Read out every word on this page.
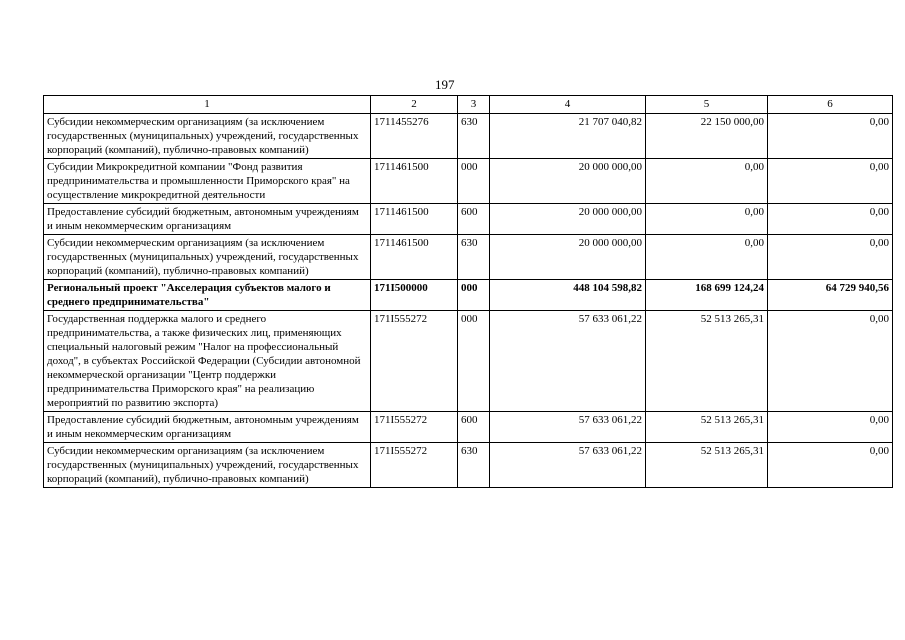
197
1	2	3	4	5	6
Субсидии некоммерческим организациям (за исключением государственных (муниципальных) учреждений, государственных корпораций (компаний), публично-правовых компаний)	1711455276	630	21 707 040,82	22 150 000,00	0,00
Субсидии Микрокредитной компании "Фонд развития предпринимательства и промышленности Приморского края" на осуществление микрокредитной деятельности	1711461500	000	20 000 000,00	0,00	0,00
Предоставление субсидий бюджетным, автономным учреждениям и иным некоммерческим организациям	1711461500	600	20 000 000,00	0,00	0,00
Субсидии некоммерческим организациям (за исключением государственных (муниципальных) учреждений, государственных корпораций (компаний), публично-правовых компаний)	1711461500	630	20 000 000,00	0,00	0,00
Региональный проект "Акселерация субъектов малого и среднего предпринимательства"	171I500000	000	448 104 598,82	168 699 124,24	64 729 940,56
Государственная поддержка малого и среднего предпринимательства, а также физических лиц, применяющих специальный налоговый режим "Налог на профессиональный доход", в субъектах Российской Федерации (Субсидии автономной некоммерческой организации "Центр поддержки предпринимательства Приморского края" на реализацию мероприятий по развитию экспорта)	171I555272	000	57 633 061,22	52 513 265,31	0,00
Предоставление субсидий бюджетным, автономным учреждениям и иным некоммерческим организациям	171I555272	600	57 633 061,22	52 513 265,31	0,00
Субсидии некоммерческим организациям (за исключением государственных (муниципальных) учреждений, государственных корпораций (компаний), публично-правовых компаний)	171I555272	630	57 633 061,22	52 513 265,31	0,00
